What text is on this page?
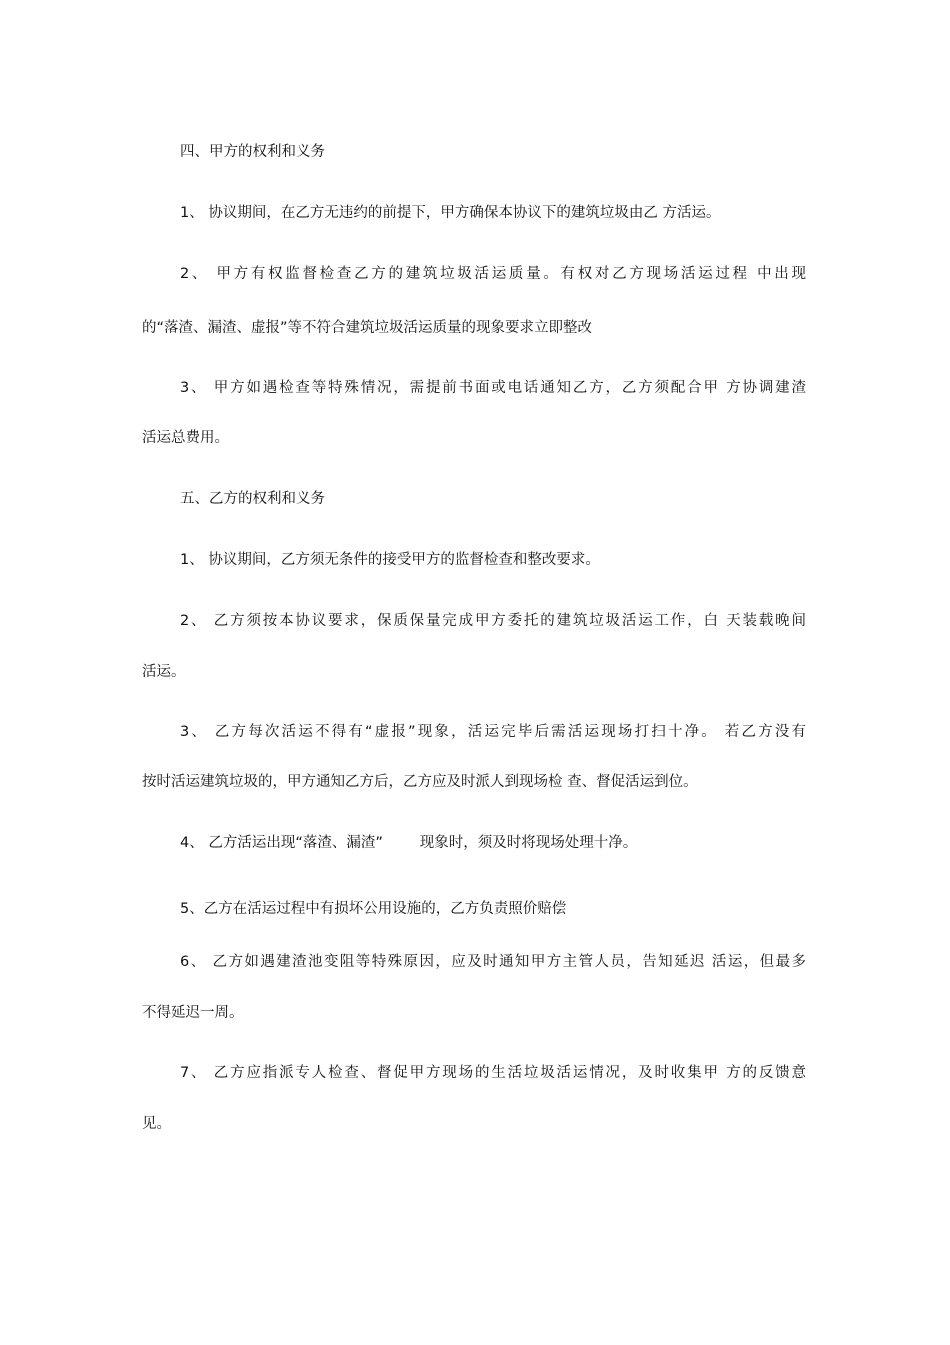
四、甲方的权利和义务
1、 协议期间，在乙方无违约的前提下，甲方确保本协议下的建筑垃圾由乙 方活运。
2、 甲方有权监督检查乙方的建筑垃圾活运质量。有权对乙方现场活运过程 中出现
的“落渣、漏渣、虚报”等不符合建筑垃圾活运质量的现象要求立即整改
3、 甲方如遇检查等特殊情况，需提前书面或电话通知乙方，乙方须配合甲 方协调建渣
活运总费用。
五、乙方的权利和义务
1、 协议期间，乙方须无条件的接受甲方的监督检查和整改要求。
2、 乙方须按本协议要求，保质保量完成甲方委托的建筑垃圾活运工作，白 天装载晚间
活运。
3、 乙方每次活运不得有“虚报”现象，活运完毕后需活运现场打扫十净。 若乙方没有
按时活运建筑垃圾的，甲方通知乙方后，乙方应及时派人到现场检 查、督促活运到位。
4、 乙方活运出现“落渣、漏渣”        现象时，须及时将现场处理十净。
5、乙方在活运过程中有损坏公用设施的，乙方负责照价赔偿
6、 乙方如遇建渣池变阻等特殊原因，应及时通知甲方主管人员，告知延迟 活运，但最多
不得延迟一周。
7、 乙方应指派专人检查、督促甲方现场的生活垃圾活运情况，及时收集甲 方的反馈意
见。
